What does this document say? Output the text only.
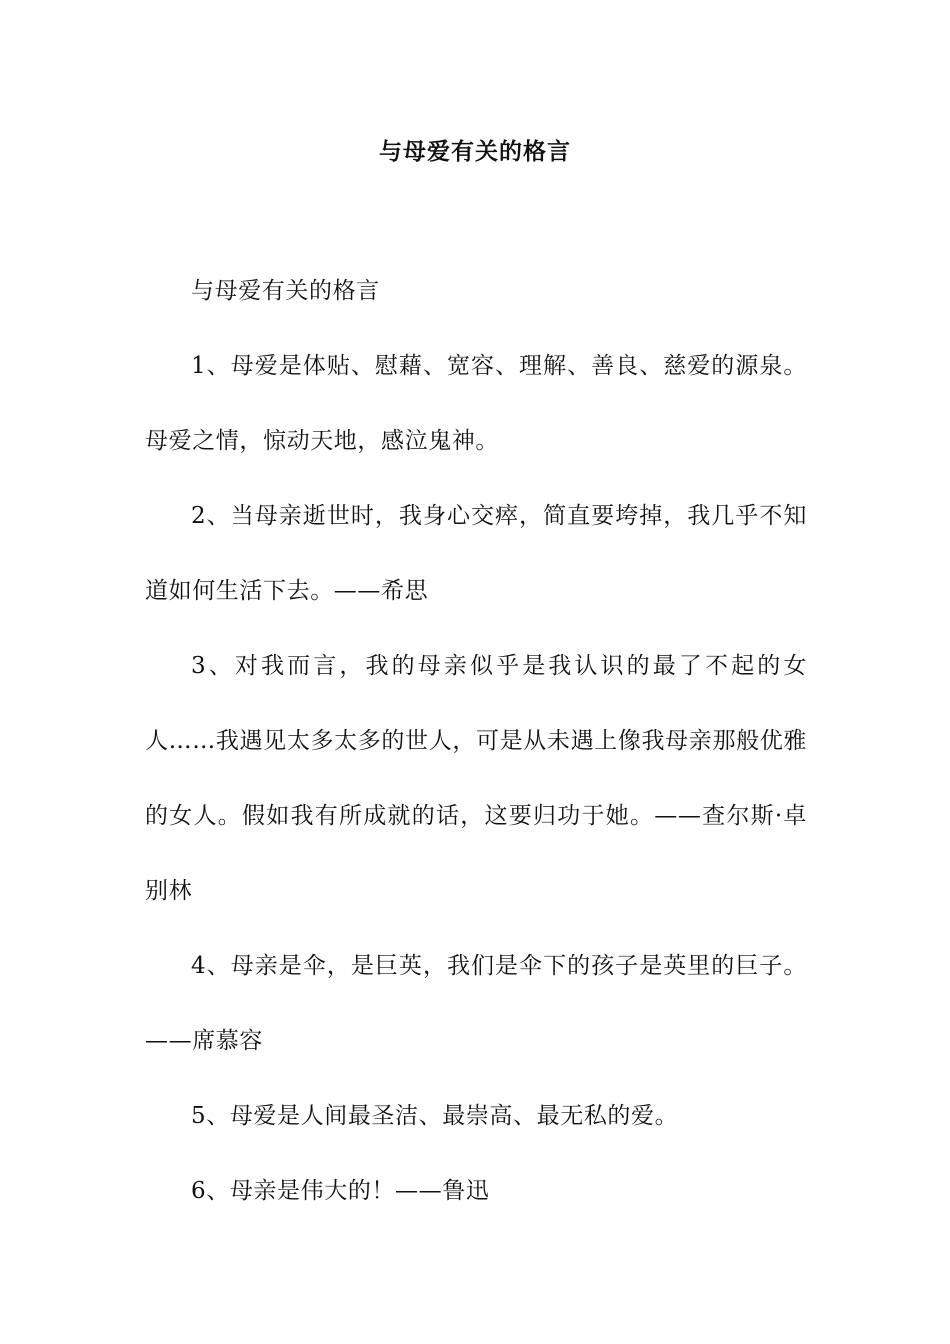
与母爱有关的格言

与母爱有关的格言

1、母爱是体贴、慰藉、宽容、理解、善良、慈爱的源泉。母爱之情，惊动天地，感泣鬼神。

2、当母亲逝世时，我身心交瘁，简直要垮掉，我几乎不知道如何生活下去。——希思

3、对我而言，我的母亲似乎是我认识的最了不起的女人……我遇见太多太多的世人，可是从未遇上像我母亲那般优雅的女人。假如我有所成就的话，这要归功于她。——查尔斯·卓别林

4、母亲是伞，是巨英，我们是伞下的孩子是英里的巨子。——席慕容

5、母爱是人间最圣洁、最崇高、最无私的爱。

6、母亲是伟大的！——鲁迅
